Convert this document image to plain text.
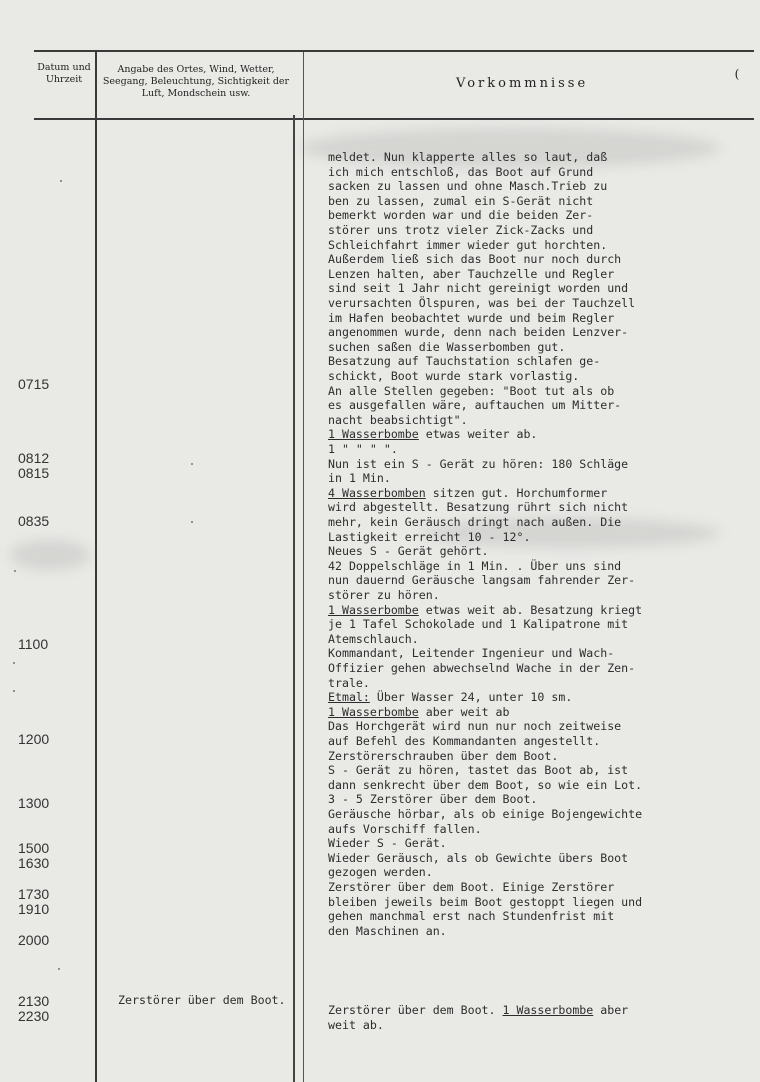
Datum und Uhrzeit
Angabe des Ortes, Wind, Wetter, Seegang, Beleuchtung, Sichtigkeit der Luft, Mondschein usw.
Vorkommnisse
(
0715
0812
0815
0835
1100
1200
1300
1500
1630
1730
1910
2000
2130
2230
meldet. Nun klapperte alles so laut, daß
ich mich entschloß, das Boot auf Grund
sacken zu lassen und ohne Masch.Trieb zu
ben zu lassen, zumal ein S-Gerät nicht
bemerkt worden war und die beiden Zer-
störer uns trotz vieler Zick-Zacks und
Schleichfahrt immer wieder gut horchten.
Außerdem ließ sich das Boot nur noch durch
Lenzen halten, aber Tauchzelle und Regler
sind seit 1 Jahr nicht gereinigt worden und
verursachten Ölspuren, was bei der Tauchzell
im Hafen beobachtet wurde und beim Regler
angenommen wurde, denn nach beiden Lenzver-
suchen saßen die Wasserbomben gut.
Besatzung auf Tauchstation schlafen ge-
schickt, Boot wurde stark vorlastig.
An alle Stellen gegeben: "Boot tut als ob
es ausgefallen wäre, auftauchen um Mitter-
nacht beabsichtigt".
1 Wasserbombe etwas weiter ab.
1 " " " ".
Nun ist ein S - Gerät zu hören: 180 Schläge
in 1 Min.
4 Wasserbomben sitzen gut. Horchumformer
wird abgestellt. Besatzung rührt sich nicht
mehr, kein Geräusch dringt nach außen. Die
Lastigkeit erreicht 10 - 12°.
Neues S - Gerät gehört.
42 Doppelschläge in 1 Min. . Über uns sind
nun dauernd Geräusche langsam fahrender Zer-
störer zu hören.
1 Wasserbombe etwas weit ab. Besatzung kriegt
je 1 Tafel Schokolade und 1 Kalipatrone mit
Atemschlauch.
Kommandant, Leitender Ingenieur und Wach-
Offizier gehen abwechselnd Wache in der Zen-
trale.
Etmal: Über Wasser 24, unter 10 sm.
1 Wasserbombe aber weit ab
Das Horchgerät wird nun nur noch zeitweise
auf Befehl des Kommandanten angestellt.
Zerstörerschrauben über dem Boot.
S - Gerät zu hören, tastet das Boot ab, ist
dann senkrecht über dem Boot, so wie ein Lot.
3 - 5 Zerstörer über dem Boot.
Geräusche hörbar, als ob einige Bojengewichte
aufs Vorschiff fallen.
Wieder S - Gerät.
Wieder Geräusch, als ob Gewichte übers Boot
gezogen werden.
Zerstörer über dem Boot. Einige Zerstörer
bleiben jeweils beim Boot gestoppt liegen und
gehen manchmal erst nach Stundenfrist mit
den Maschinen an.
Zerstörer über dem Boot.
Zerstörer über dem Boot. 1 Wasserbombe aber
weit ab.
